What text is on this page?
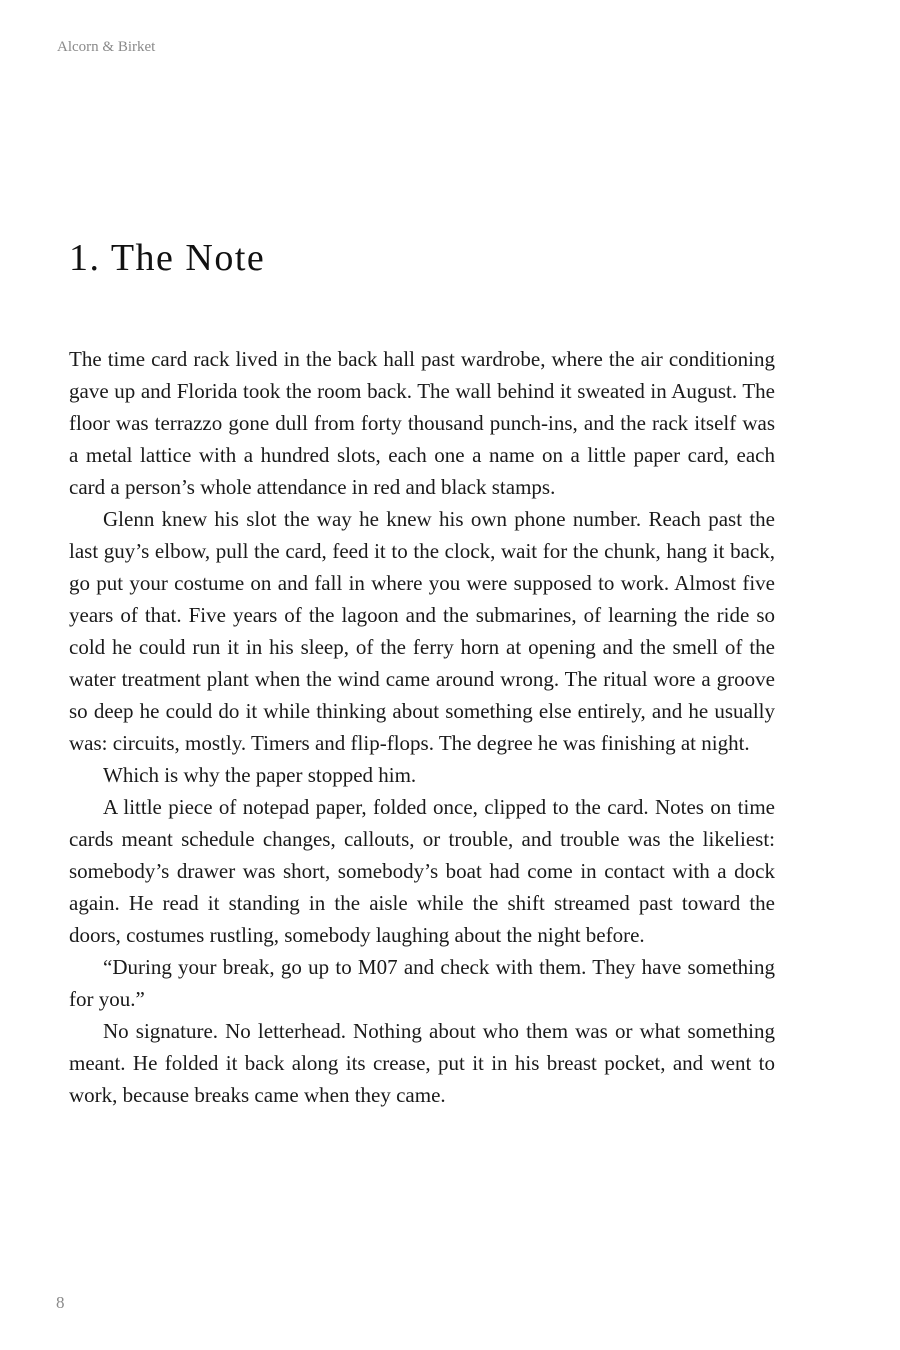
Alcorn & Birket
1. The Note

The time card rack lived in the back hall past wardrobe, where the air conditioning gave up and Florida took the room back. The wall behind it sweated in August. The floor was terrazzo gone dull from forty thousand punch-ins, and the rack itself was a metal lattice with a hundred slots, each one a name on a little paper card, each card a person’s whole attendance in red and black stamps.

Glenn knew his slot the way he knew his own phone number. Reach past the last guy’s elbow, pull the card, feed it to the clock, wait for the chunk, hang it back, go put your costume on and fall in where you were supposed to work. Almost five years of that. Five years of the lagoon and the submarines, of learning the ride so cold he could run it in his sleep, of the ferry horn at opening and the smell of the water treatment plant when the wind came around wrong. The ritual wore a groove so deep he could do it while thinking about something else entirely, and he usually was: circuits, mostly. Timers and flip-flops. The degree he was finishing at night.

Which is why the paper stopped him.

A little piece of notepad paper, folded once, clipped to the card. Notes on time cards meant schedule changes, callouts, or trouble, and trouble was the likeliest: somebody’s drawer was short, somebody’s boat had come in contact with a dock again. He read it standing in the aisle while the shift streamed past toward the doors, costumes rustling, somebody laughing about the night before.

“During your break, go up to M07 and check with them. They have something for you.”

No signature. No letterhead. Nothing about who them was or what something meant. He folded it back along its crease, put it in his breast pocket, and went to work, because breaks came when they came.

8
